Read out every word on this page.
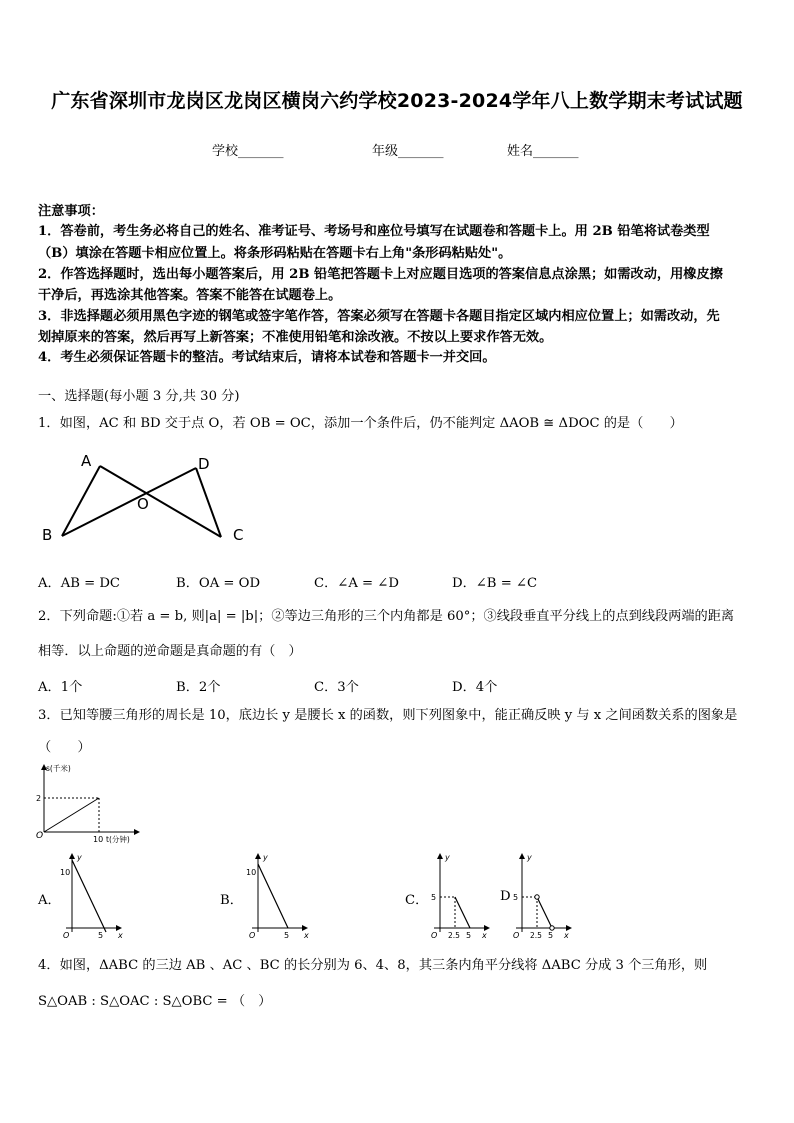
广东省深圳市龙岗区龙岗区横岗六约学校2023-2024学年八上数学期末考试试题
学校_______	年级_______	姓名_______
注意事项：
1．答卷前，考生务必将自己的姓名、准考证号、考场号和座位号填写在试题卷和答题卡上。用 2B 铅笔将试卷类型
（B）填涂在答题卡相应位置上。将条形码粘贴在答题卡右上角"条形码粘贴处"。
2．作答选择题时，选出每小题答案后，用 2B 铅笔把答题卡上对应题目选项的答案信息点涂黑；如需改动，用橡皮擦
干净后，再选涂其他答案。答案不能答在试题卷上。
3．非选择题必须用黑色字迹的钢笔或签字笔作答，答案必须写在答题卡各题目指定区域内相应位置上；如需改动，先
划掉原来的答案，然后再写上新答案；不准使用铅笔和涂改液。不按以上要求作答无效。
4．考生必须保证答题卡的整洁。考试结束后，请将本试卷和答题卡一并交回。
一、选择题(每小题 3 分,共 30 分)
1．如图，AC 和 BD 交于点 O，若 OB = OC，添加一个条件后，仍不能判定 ΔAOB ≅ ΔDOC 的是（　　）
A	D
O
B	C
A．AB = DC	B．OA = OD	C．∠A = ∠D	D．∠B = ∠C
2．下列命题:①若 a = b, 则|a| = |b|；②等边三角形的三个内角都是 60°；③线段垂直平分线上的点到线段两端的距离
相等．以上命题的逆命题是真命题的有（　）
A．1个	B．2个	C．3个	D．4个
3．已知等腰三角形的周长是 10，底边长 y 是腰长 x 的函数，则下列图象中，能正确反映 y 与 x 之间函数关系的图象是
（　　）
s(千米)
2
O	10 t(分钟)
A．
y
10
O	5 x
B．
y
10
O	5 x
C．
y
5
O 2.5 5 x
D
y
5
O 2.5 5 x
4．如图，ΔABC 的三边 AB 、AC 、BC 的长分别为 6、4、8，其三条内角平分线将 ΔABC 分成 3 个三角形，则
S△OAB : S△OAC : S△OBC = （　）
